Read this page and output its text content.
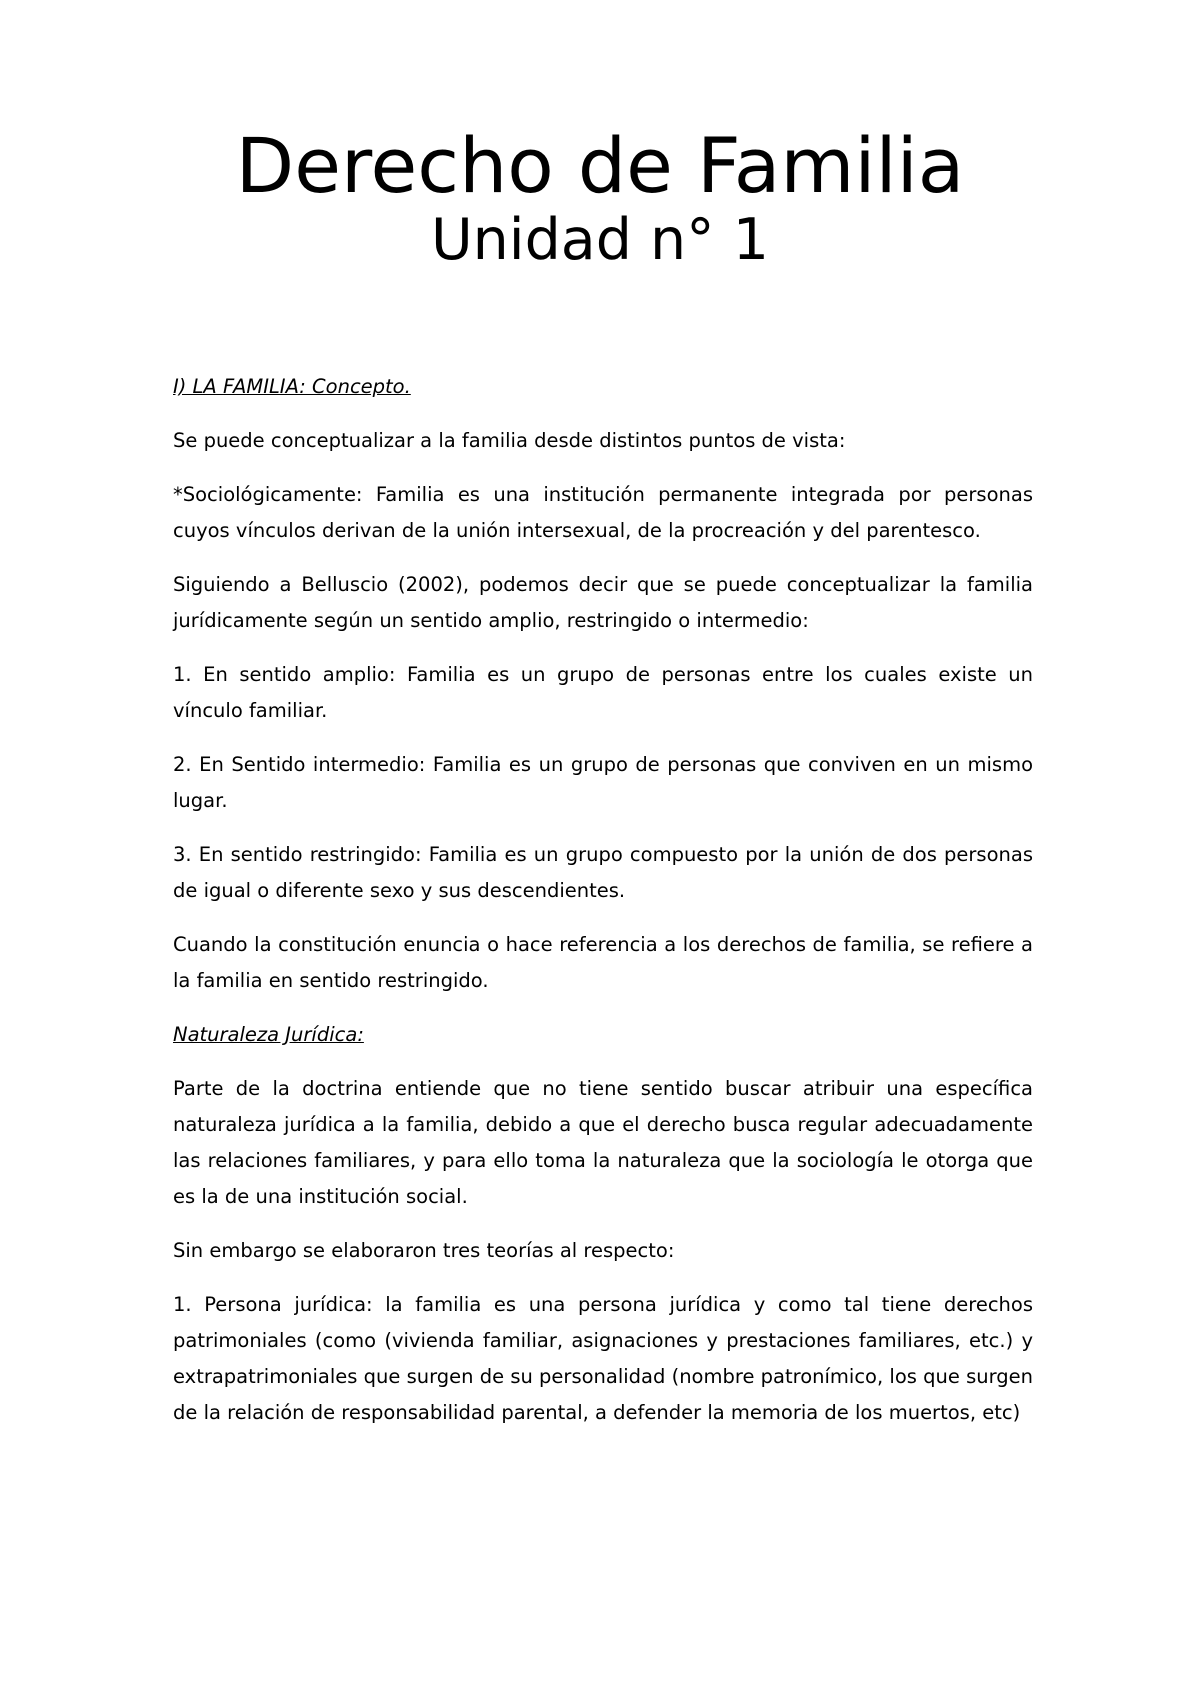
Derecho de Familia
Unidad n° 1

I) LA FAMILIA: Concepto.

Se puede conceptualizar a la familia desde distintos puntos de vista:

*Sociológicamente: Familia es una institución permanente integrada por personas cuyos vínculos derivan de la unión intersexual, de la procreación y del parentesco.

Siguiendo a Belluscio (2002), podemos decir que se puede conceptualizar la familia jurídicamente según un sentido amplio, restringido o intermedio:

1. En sentido amplio: Familia es un grupo de personas entre los cuales existe un vínculo familiar.

2. En Sentido intermedio: Familia es un grupo de personas que conviven en un mismo lugar.

3. En sentido restringido: Familia es un grupo compuesto por la unión de dos personas de igual o diferente sexo y sus descendientes.

Cuando la constitución enuncia o hace referencia a los derechos de familia, se refiere a la familia en sentido restringido.

Naturaleza Jurídica:

Parte de la doctrina entiende que no tiene sentido buscar atribuir una específica naturaleza jurídica a la familia, debido a que el derecho busca regular adecuadamente las relaciones familiares, y para ello toma la naturaleza que la sociología le otorga que es la de una institución social.

Sin embargo se elaboraron tres teorías al respecto:

1. Persona jurídica: la familia es una persona jurídica y como tal tiene derechos patrimoniales (como (vivienda familiar, asignaciones y prestaciones familiares, etc.) y extrapatrimoniales que surgen de su personalidad (nombre patronímico, los que surgen de la relación de responsabilidad parental, a defender la memoria de los muertos, etc)
